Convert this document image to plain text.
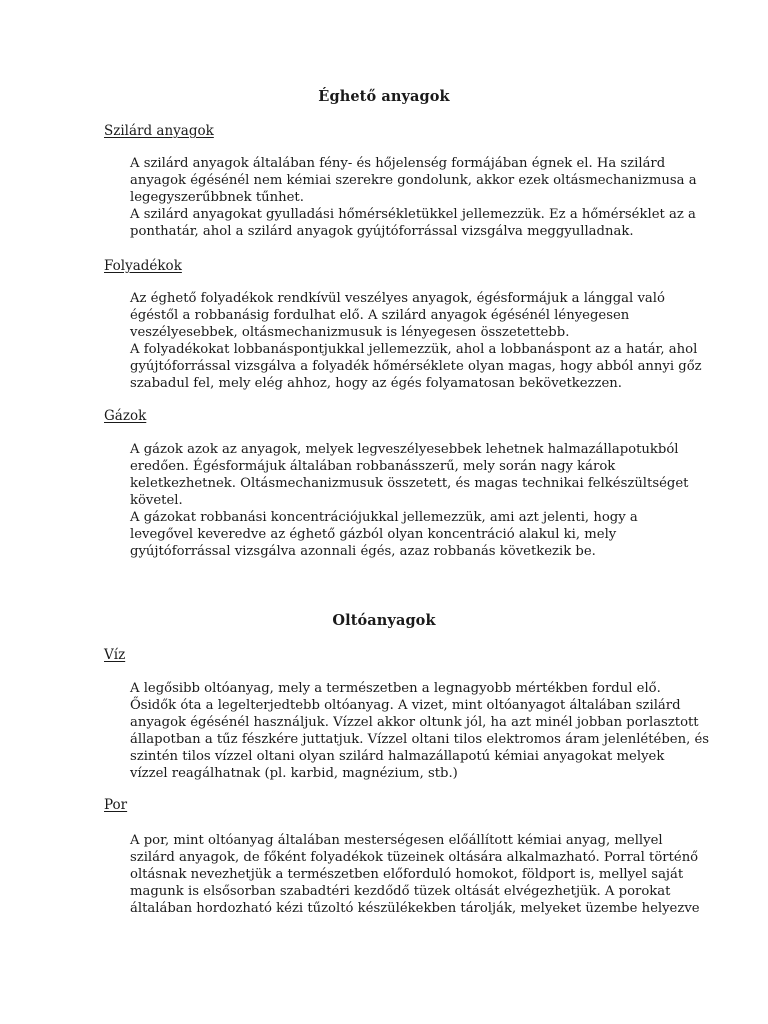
Éghető anyagok
Szilárd anyagok
A szilárd anyagok általában fény- és hőjelenség formájában égnek el. Ha szilárd
anyagok égésénél nem kémiai szerekre gondolunk, akkor ezek oltásmechanizmusa a
legegyszerűbbnek tűnhet.
A szilárd anyagokat gyulladási hőmérsékletükkel jellemezzük. Ez a hőmérséklet az a
ponthatár, ahol a szilárd anyagok gyújtóforrással vizsgálva meggyulladnak.
Folyadékok
Az éghető folyadékok rendkívül veszélyes anyagok, égésformájuk a lánggal való
égéstől a robbanásig fordulhat elő. A szilárd anyagok égésénél lényegesen
veszélyesebbek, oltásmechanizmusuk is lényegesen összetettebb.
A folyadékokat lobbanáspontjukkal jellemezzük, ahol a lobbanáspont az a határ, ahol
gyújtóforrással vizsgálva a folyadék hőmérséklete olyan magas, hogy abból annyi gőz
szabadul fel, mely elég ahhoz, hogy az égés folyamatosan bekövetkezzen.
Gázok
A gázok azok az anyagok, melyek legveszélyesebbek lehetnek halmazállapotukból
eredően. Égésformájuk általában robbanásszerű, mely során nagy károk
keletkezhetnek. Oltásmechanizmusuk összetett, és magas technikai felkészültséget
követel.
A gázokat robbanási koncentrációjukkal jellemezzük, ami azt jelenti, hogy a
levegővel keveredve az éghető gázból olyan koncentráció alakul ki, mely
gyújtóforrással vizsgálva azonnali égés, azaz robbanás következik be.
Oltóanyagok
Víz
A legősibb oltóanyag, mely a természetben a legnagyobb mértékben fordul elő.
Ősidők óta a legelterjedtebb oltóanyag. A vizet, mint oltóanyagot általában szilárd
anyagok égésénél használjuk. Vízzel akkor oltunk jól, ha azt minél jobban porlasztott
állapotban a tűz fészkére juttatjuk. Vízzel oltani tilos elektromos áram jelenlétében, és
szintén tilos vízzel oltani olyan szilárd halmazállapotú kémiai anyagokat melyek
vízzel reagálhatnak (pl. karbid, magnézium, stb.)
Por
A por, mint oltóanyag általában mesterségesen előállított kémiai anyag, mellyel
szilárd anyagok, de főként folyadékok tüzeinek oltására alkalmazható. Porral történő
oltásnak nevezhetjük a természetben előforduló homokot, földport is, mellyel saját
magunk is elsősorban szabadtéri kezdődő tüzek oltását elvégezhetjük. A porokat
általában hordozható kézi tűzoltó készülékekben tárolják, melyeket üzembe helyezve
